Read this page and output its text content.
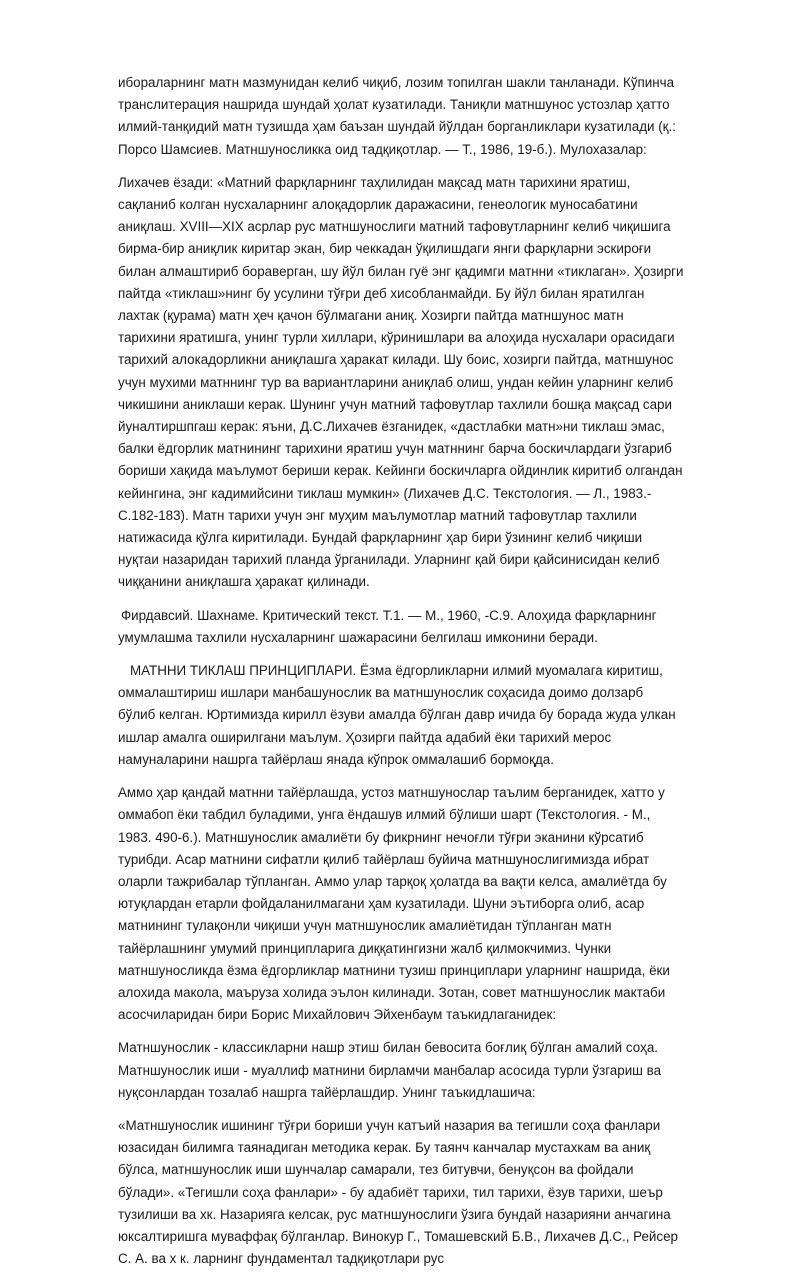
ибораларнинг матн мазмунидан келиб чиқиб, лозим топилган шакли танланади. Кўпинча транслитерация нашрида шундай ҳолат кузатилади. Таниқли матншунос устозлар ҳатто илмий-танқидий матн тузишда ҳам баъзан шундай йўлдан борганликлари кузатилади (қ.: Порсо Шамсиев. Матншуносликка оид тадқиқотлар. — Т., 1986, 19-б.). Мулохазалар:

Лихачев ёзади: «Матний фарқларнинг таҳлилидан мақсад матн тарихини яратиш, сақланиб колган нусхаларнинг алоқадорлик даражасини, генеологик муносабатини аниқлаш. XVIII—XIX асрлар рус матншунослиги матний тафовутларнинг келиб чиқишига бирма-бир аниқлик киритар экан, бир чеккадан ўқилишдаги янги фарқларни эскироғи билан алмаштириб бораверган, шу йўл билан гуё энг қадимги матнни «тиклаган». Ҳозирги пайтда «тиклаш»нинг бу усулини тўғри деб хисобланмайди. Бу йўл билан яратилган лахтак (қурама) матн ҳеч қачон бўлмагани аниқ. Хозирги пайтда матншунос матн тарихини яратишга, унинг турли хиллари, кўринишлари ва алоҳида нусхалари орасидаги тарихий алокадорликни аниқлашга ҳаракат килади. Шу боис, хозирги пайтда, матншунос учун мухими матннинг тур ва вариантларини аниқлаб олиш, ундан кейин уларнинг келиб чикишини аниклаши керак. Шунинг учун матний тафовутлар тахлили бошқа мақсад сари йуналтиршпгаш керак: яъни, Д.С.Лихачев ёзганидек, «дастлабки матн»ни тиклаш эмас, балки ёдгорлик матнининг тарихини яратиш учун матннинг барча боскичлардаги ўзгариб бориши хақида маълумот бериши керак. Кейинги боскичларга ойдинлик киритиб олгандан кейингина, энг кадимийсини тиклаш мумкин» (Лихачев Д.С. Текстология. — Л., 1983.-С.182-183). Матн тарихи учун энг муҳим маълумотлар матний тафовутлар тахлили натижасида қўлга киритилади. Бундай фарқларнинг ҳар бири ўзининг келиб чиқиши нуқтаи назаридан тарихий планда ўрганилади. Уларнинг қай бири қайсинисидан келиб чиққанини аниқлашга ҳаракат қилинади.

Фирдавсий. Шахнаме. Критический текст. Т.1. — М., 1960, -С.9. Алоҳида фарқларнинг умумлашма тахлили нусхаларнинг шажарасини белгилаш имконини беради.

МАТННИ ТИКЛАШ ПРИНЦИПЛАРИ. Ёзма ёдгорликларни илмий муомалага киритиш, оммалаштириш ишлари манбашунослик ва матншунослик соҳасида доимо долзарб бўлиб келган. Юртимизда кирилл ёзуви амалда бўлган давр ичида бу борада жуда улкан ишлар амалга оширилгани маълум. Ҳозирги пайтда адабий ёки тарихий мерос намуналарини нашрга тайёрлаш янада кўпрок оммалашиб бормоқда.

Аммо ҳар қандай матнни тайёрлашда, устоз матншунослар таълим берганидек, хатто у оммабоп ёки табдил буладими, унга ёндашув илмий бўлиши шарт (Текстология. - М., 1983. 490-6.). Матншунослик амалиёти бу фикрнинг нечоғли тўғри эканини кўрсатиб турибди. Асар матнини сифатли қилиб тайёрлаш буйича матншунослигимизда ибрат оларли тажрибалар тўпланган. Аммо улар тарқоқ ҳолатда ва вақти келса, амалиётда бу ютуқлардан етарли фойдаланилмагани ҳам кузатилади. Шуни эътиборга олиб, асар матнининг тулақонли чиқиши учун матншунослик амалиётидан тўпланган матн тайёрлашнинг умумий принципларига диққатингизни жалб қилмокчимиз. Чунки матншуносликда ёзма ёдгорликлар матнини тузиш принциплари уларнинг нашрида, ёки алохида макола, маъруза холида эълон килинади. Зотан, совет матншунослик мактаби асосчиларидан бири Борис Михайлович Эйхенбаум таъкидлаганидек:

Матншунослик - классикларни нашр этиш билан бевосита боғлиқ бўлган амалий соҳа. Матншунослик иши - муаллиф матнини бирламчи манбалар асосида турли ўзгариш ва нуқсонлардан тозалаб нашрга тайёрлашдир. Унинг таъкидлашича:

«Матншунослик ишининг тўғри бориши учун катъий назария ва тегишли соҳа фанлари юзасидан билимга таянадиган методика керак. Бу таянч канчалар мустахкам ва аниқ бўлса, матншунослик иши шунчалар самарали, тез битувчи, бенуқсон ва фойдали бўлади». «Тегишли соҳа фанлари» - бу адабиёт тарихи, тил тарихи, ёзув тарихи, шеър тузилиши ва хк. Назарияга келсак, рус матншунослиги ўзига бундай назарияни анчагина юксалтиришга муваффақ бўлганлар. Винокур Г., Томашевский Б.В., Лихачев Д.С., Рейсер С. А. ва х к. ларнинг фундаментал тадқиқотлари рус
